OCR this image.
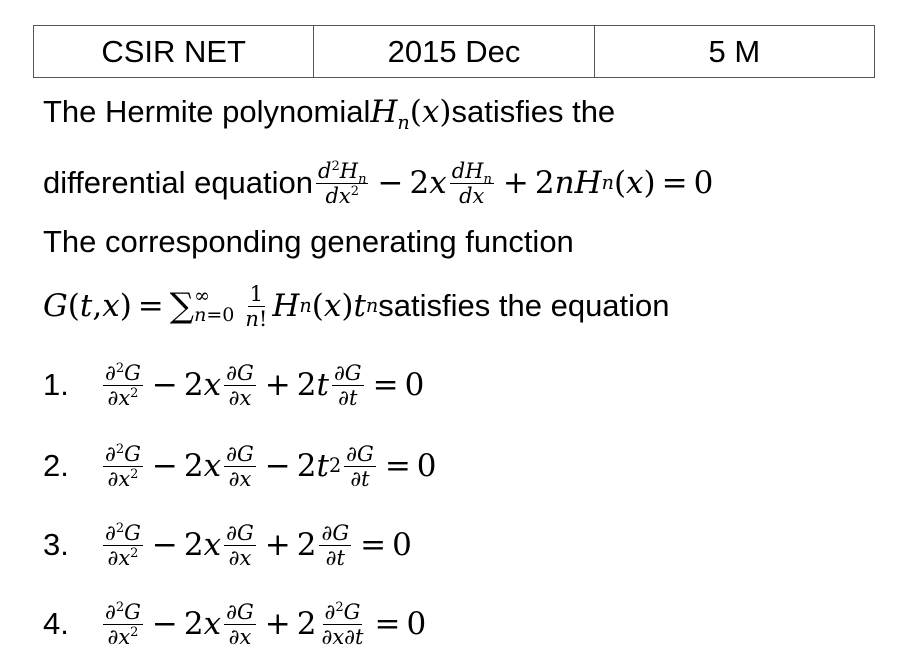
CSIR NET	2015 Dec	5 M
The Hermite polynomial $H_n(x)$ satisfies the
differential equation $\frac{d^2H_n}{dx^2} - 2$ x $\frac{dH_n}{dx} + 2$ nH n ( x ) = 0
The corresponding generating function
G ( t , x ) = ∑ ∞
$n=0 \frac{1}{n!}$ H n ( x ) t n satisfies the equation
1.	$\frac{\partial^2G}{\partial x^2} - 2$ x $\frac{\partial G}{\partial x} + 2$ t $\frac{\partial G}{\partial t} = 0$
2.	$\frac{\partial^2G}{\partial x^2} - 2$ x $\frac{\partial G}{\partial x} - 2$ t $2 \frac{\partial G}{\partial t} = 0$
3.	$\frac{\partial^2G}{\partial x^2} - 2$ x $\frac{\partial G}{\partial x} + 2 \frac{\partial G}{\partial t} = 0$
4.	$\frac{\partial^2G}{\partial x^2} - 2$ x $\frac{\partial G}{\partial x} + 2 \frac{\partial^2G}{\partial x\partial t} = 0$
